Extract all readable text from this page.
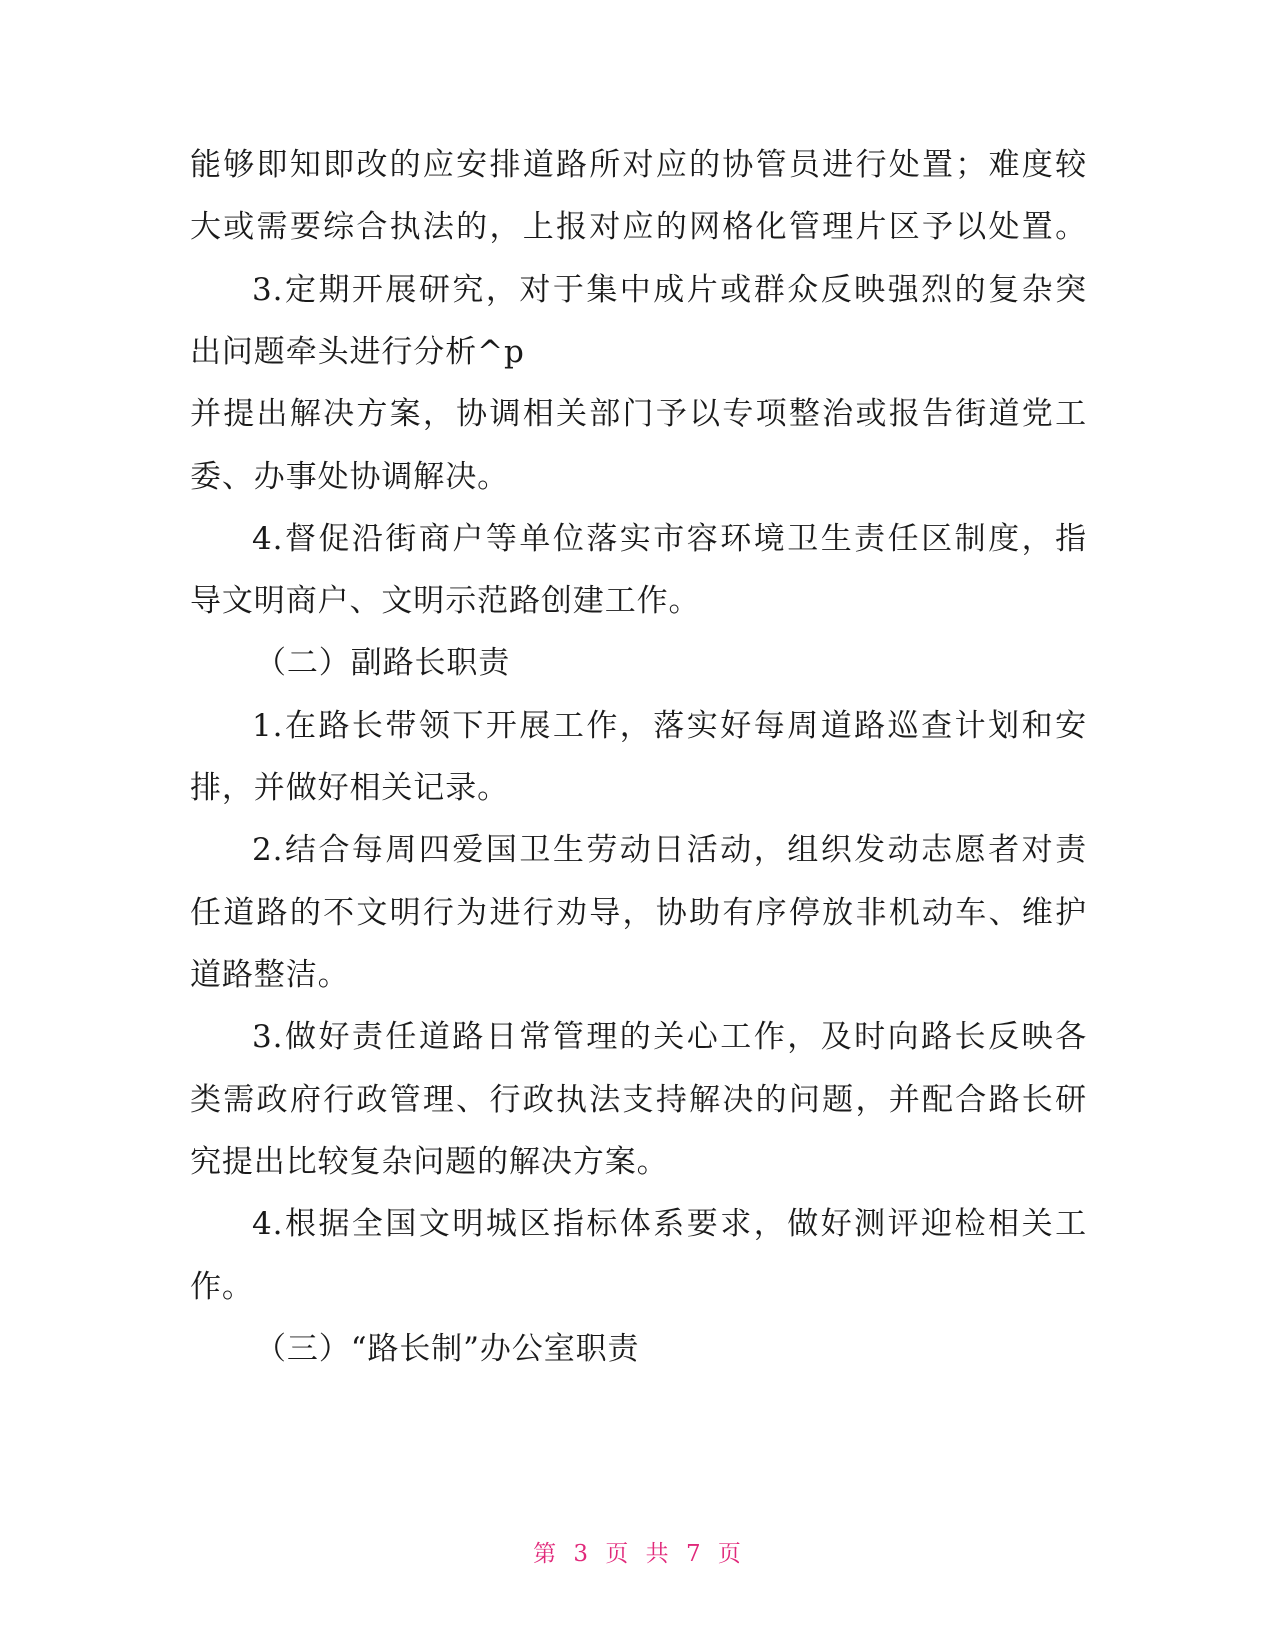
能够即知即改的应安排道路所对应的协管员进行处置；难度较
大或需要综合执法的，上报对应的网格化管理片区予以处置。
3.定期开展研究，对于集中成片或群众反映强烈的复杂突
出问题牵头进行分析^p
并提出解决方案，协调相关部门予以专项整治或报告街道党工
委、办事处协调解决。
4.督促沿街商户等单位落实市容环境卫生责任区制度，指
导文明商户、文明示范路创建工作。
（二）副路长职责
1.在路长带领下开展工作，落实好每周道路巡查计划和安
排，并做好相关记录。
2.结合每周四爱国卫生劳动日活动，组织发动志愿者对责
任道路的不文明行为进行劝导，协助有序停放非机动车、维护
道路整洁。
3.做好责任道路日常管理的关心工作，及时向路长反映各
类需政府行政管理、行政执法支持解决的问题，并配合路长研
究提出比较复杂问题的解决方案。
4.根据全国文明城区指标体系要求，做好测评迎检相关工
作。
（三）“路长制”办公室职责
第 3 页 共 7 页
